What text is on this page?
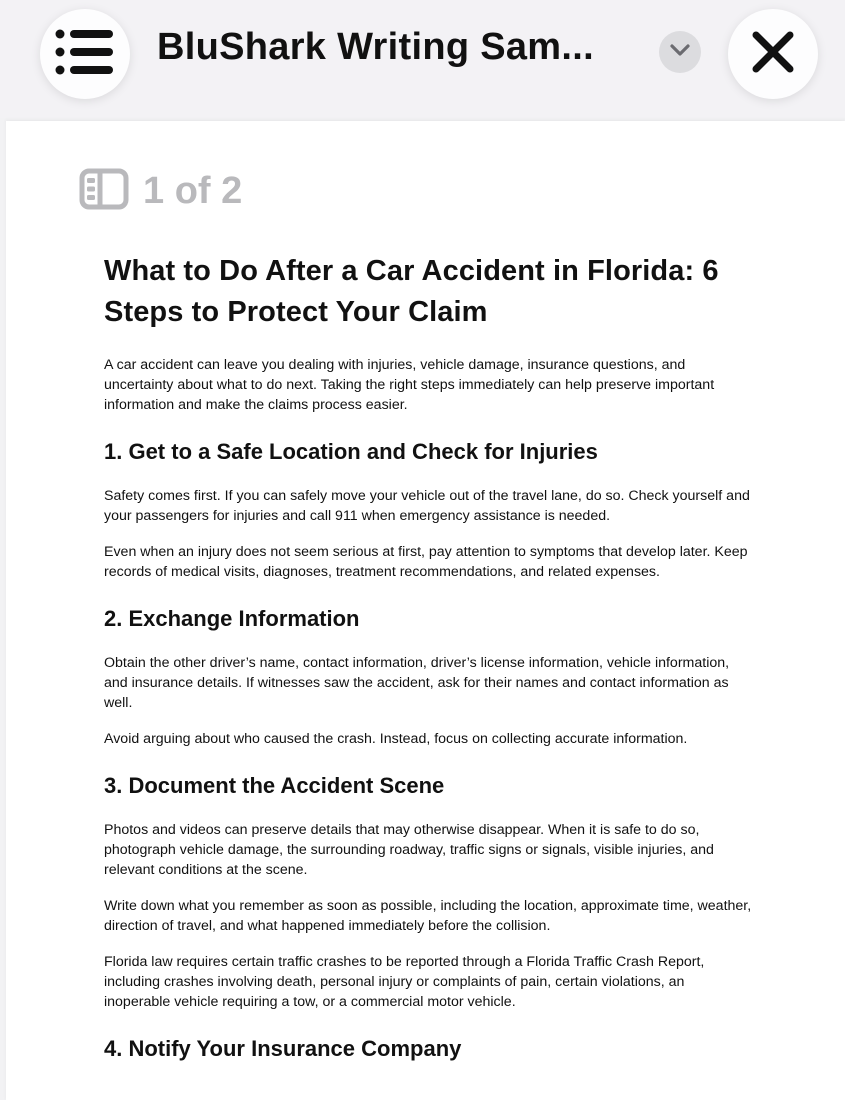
BluShark Writing Sam...
1 of 2
What to Do After a Car Accident in Florida: 6 Steps to Protect Your Claim

A car accident can leave you dealing with injuries, vehicle damage, insurance questions, and uncertainty about what to do next. Taking the right steps immediately can help preserve important information and make the claims process easier.

1. Get to a Safe Location and Check for Injuries

Safety comes first. If you can safely move your vehicle out of the travel lane, do so. Check yourself and your passengers for injuries and call 911 when emergency assistance is needed.

Even when an injury does not seem serious at first, pay attention to symptoms that develop later. Keep records of medical visits, diagnoses, treatment recommendations, and related expenses.

2. Exchange Information

Obtain the other driver’s name, contact information, driver’s license information, vehicle information, and insurance details. If witnesses saw the accident, ask for their names and contact information as well.

Avoid arguing about who caused the crash. Instead, focus on collecting accurate information.

3. Document the Accident Scene

Photos and videos can preserve details that may otherwise disappear. When it is safe to do so, photograph vehicle damage, the surrounding roadway, traffic signs or signals, visible injuries, and relevant conditions at the scene.

Write down what you remember as soon as possible, including the location, approximate time, weather, direction of travel, and what happened immediately before the collision.

Florida law requires certain traffic crashes to be reported through a Florida Traffic Crash Report, including crashes involving death, personal injury or complaints of pain, certain violations, an inoperable vehicle requiring a tow, or a commercial motor vehicle.

4. Notify Your Insurance Company
